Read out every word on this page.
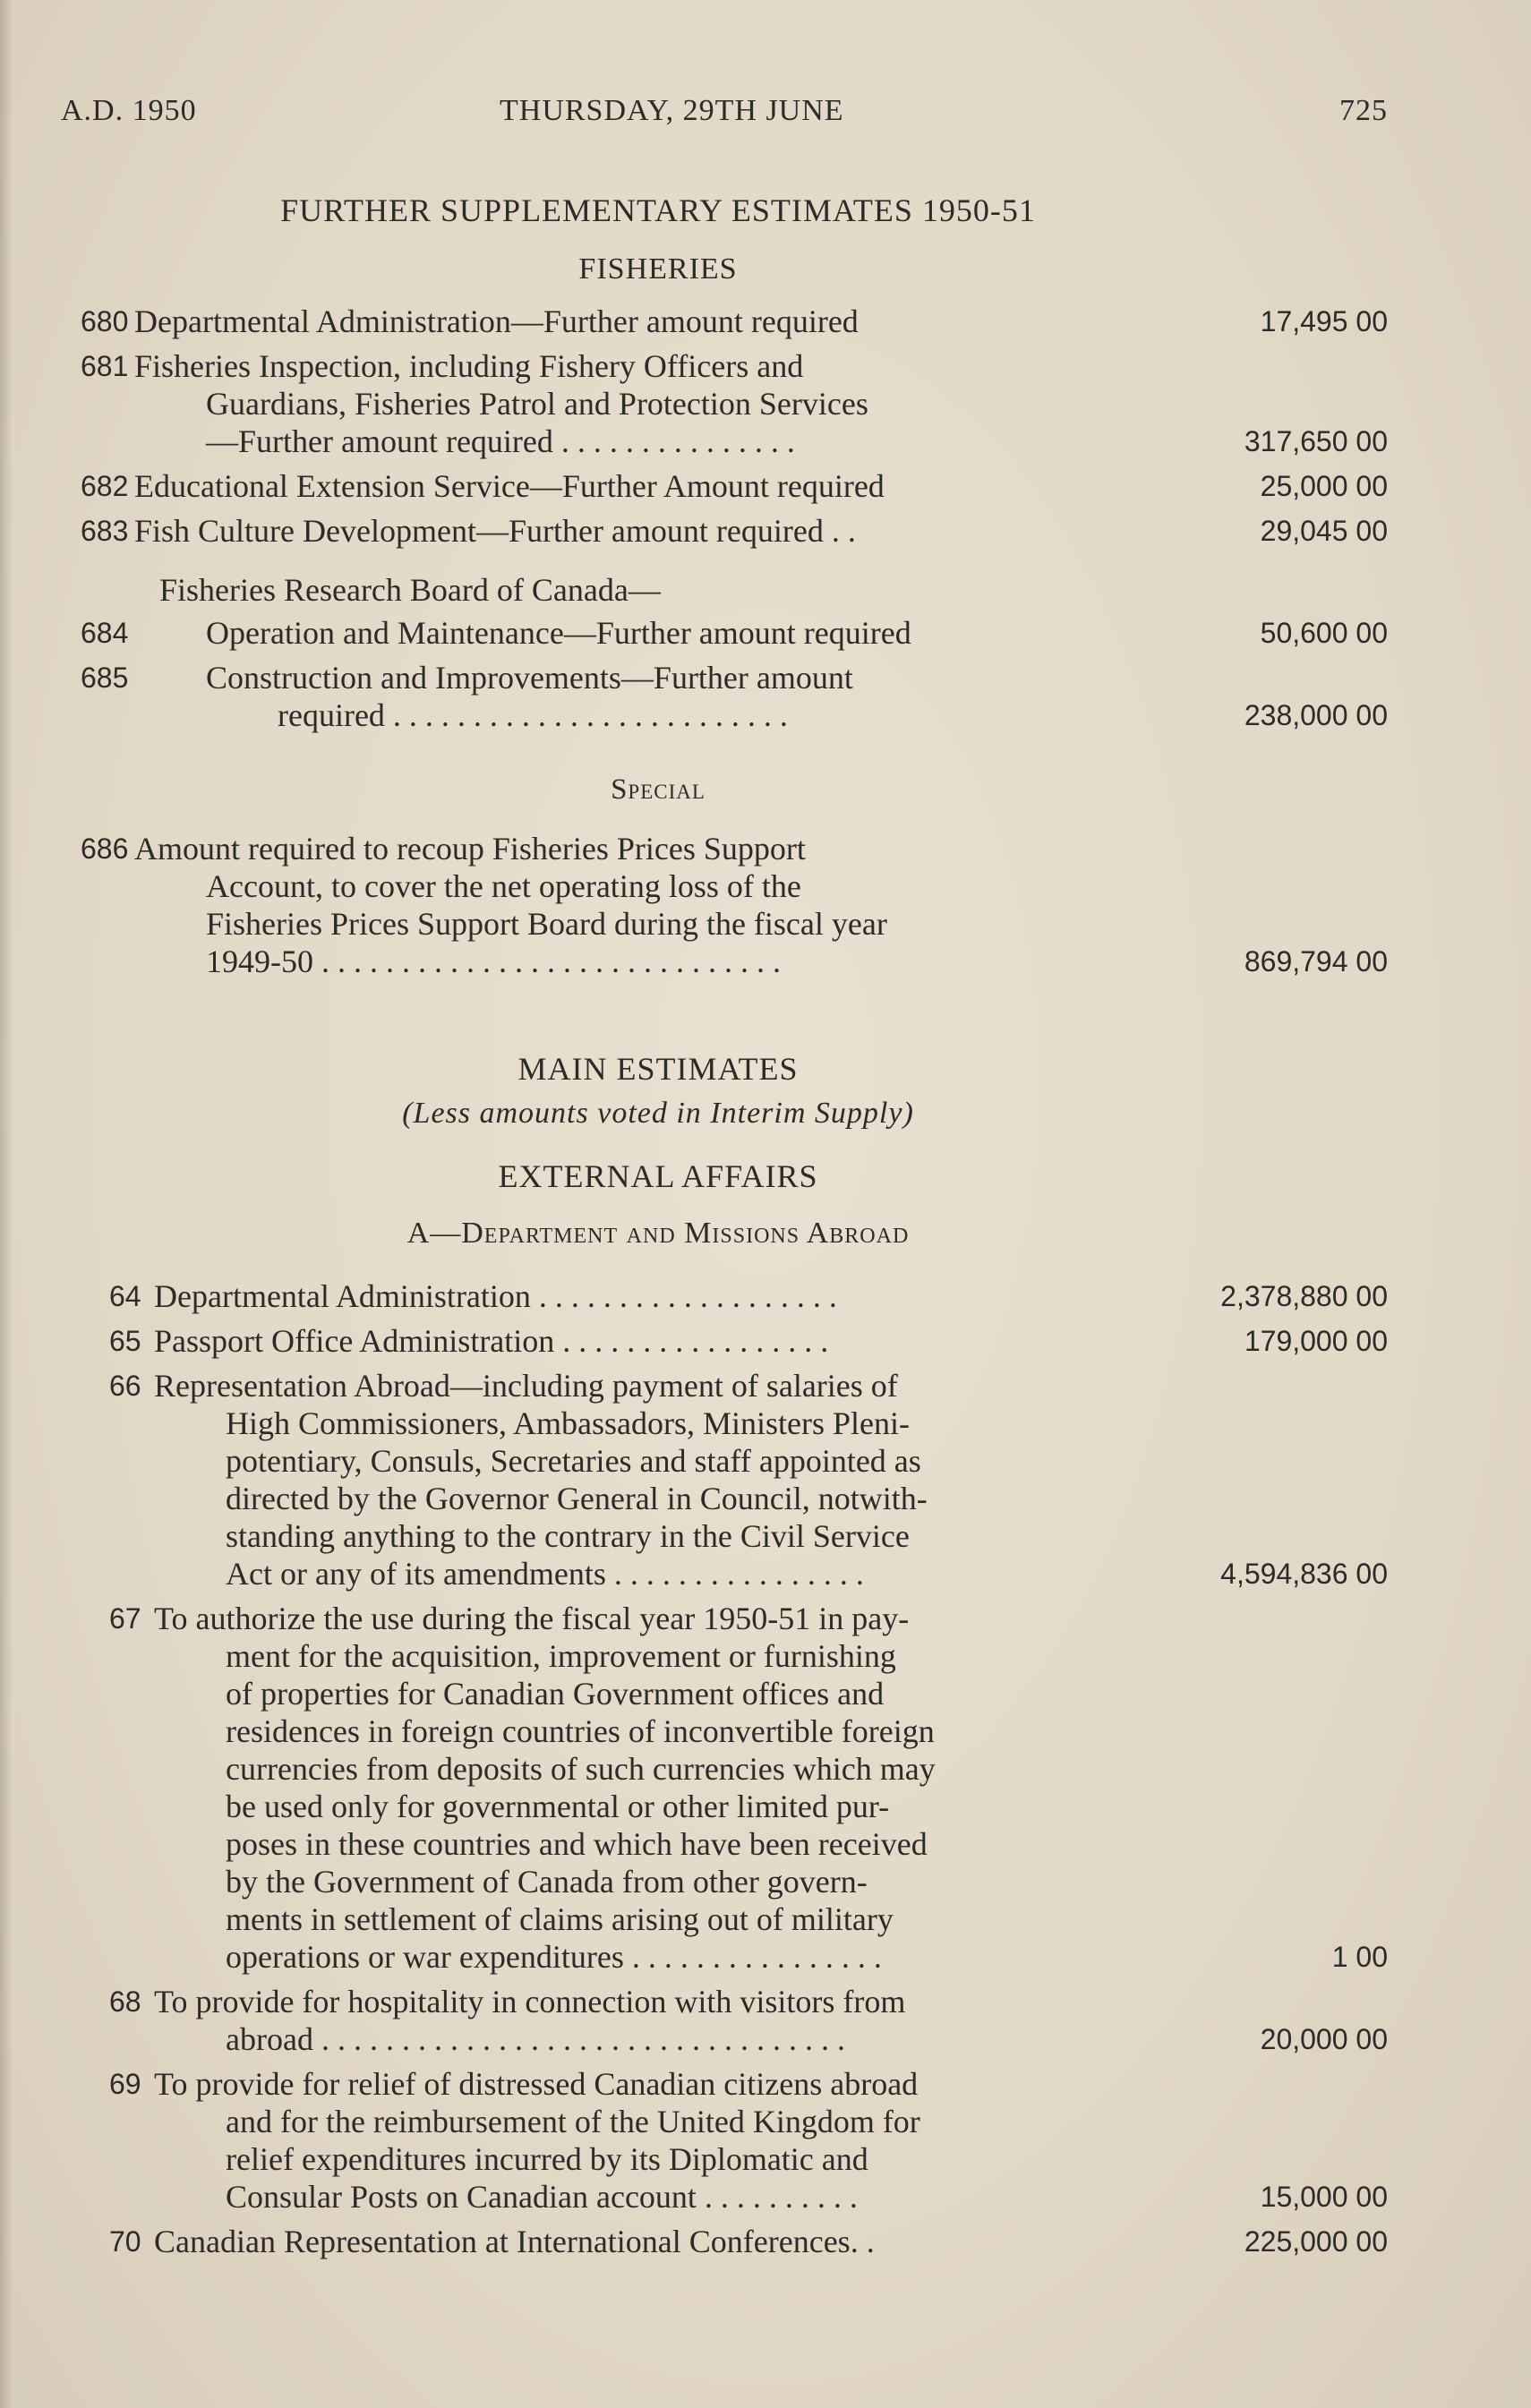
A.D. 1950	THURSDAY, 29TH JUNE	725
FURTHER SUPPLEMENTARY ESTIMATES 1950-51
FISHERIES
680 Departmental Administration—Further amount required	17,495 00
681 Fisheries Inspection, including Fishery Officers and
Guardians, Fisheries Patrol and Protection Services
—Further amount required . . . . . . . . . . . . . . .	317,650 00
682 Educational Extension Service—Further Amount required	25,000 00
683 Fish Culture Development—Further amount required . .	29,045 00
Fisheries Research Board of Canada—
684	Operation and Maintenance—Further amount required	50,600 00
685	Construction and Improvements—Further amount
required . . . . . . . . . . . . . . . . . . . . . . . . .	238,000 00
Special
686 Amount required to recoup Fisheries Prices Support
Account, to cover the net operating loss of the
Fisheries Prices Support Board during the fiscal year
1949-50 . . . . . . . . . . . . . . . . . . . . . . . . . . . . .	869,794 00
MAIN ESTIMATES
(Less amounts voted in Interim Supply)
EXTERNAL AFFAIRS
A—Department and Missions Abroad
64 Departmental Administration . . . . . . . . . . . . . . . . . . .	2,378,880 00
65 Passport Office Administration . . . . . . . . . . . . . . . . .	179,000 00
66 Representation Abroad—including payment of salaries of
High Commissioners, Ambassadors, Ministers Pleni-
potentiary, Consuls, Secretaries and staff appointed as
directed by the Governor General in Council, notwith-
standing anything to the contrary in the Civil Service
Act or any of its amendments . . . . . . . . . . . . . . . .	4,594,836 00
67 To authorize the use during the fiscal year 1950-51 in pay-
ment for the acquisition, improvement or furnishing
of properties for Canadian Government offices and
residences in foreign countries of inconvertible foreign
currencies from deposits of such currencies which may
be used only for governmental or other limited pur-
poses in these countries and which have been received
by the Government of Canada from other govern-
ments in settlement of claims arising out of military
operations or war expenditures . . . . . . . . . . . . . . . .	1 00
68 To provide for hospitality in connection with visitors from
abroad . . . . . . . . . . . . . . . . . . . . . . . . . . . . . . . . .	20,000 00
69 To provide for relief of distressed Canadian citizens abroad
and for the reimbursement of the United Kingdom for
relief expenditures incurred by its Diplomatic and
Consular Posts on Canadian account . . . . . . . . . .	15,000 00
70 Canadian Representation at International Conferences. .	225,000 00
